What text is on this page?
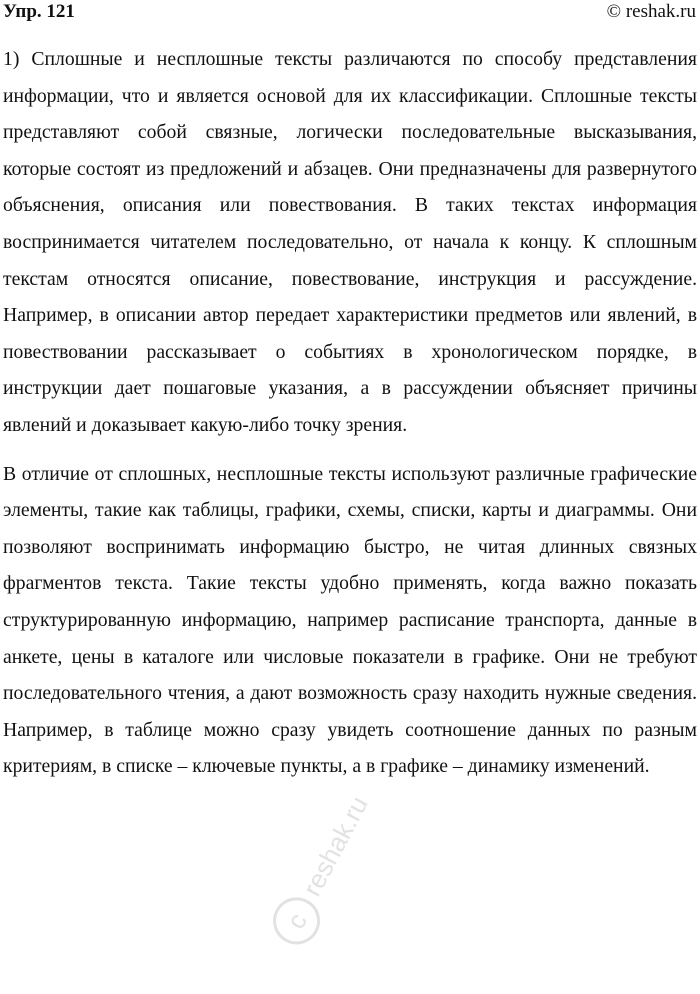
Упр. 121	© reshak.ru

1) Сплошные и несплошные тексты различаются по способу представления информации, что и является основой для их классификации. Сплошные тексты представляют собой связные, логически последовательные высказывания, которые состоят из предложений и абзацев. Они предназначены для развернутого объяснения, описания или повествования. В таких текстах информация воспринимается читателем последовательно, от начала к концу. К сплошным текстам относятся описание, повествование, инструкция и рассуждение. Например, в описании автор передает характеристики предметов или явлений, в повествовании рассказывает о событиях в хронологическом порядке, в инструкции дает пошаговые указания, а в рассуждении объясняет причины явлений и доказывает какую-либо точку зрения.

В отличие от сплошных, несплошные тексты используют различные графические элементы, такие как таблицы, графики, схемы, списки, карты и диаграммы. Они позволяют воспринимать информацию быстро, не читая длинных связных фрагментов текста. Такие тексты удобно применять, когда важно показать структурированную информацию, например расписание транспорта, данные в анкете, цены в каталоге или числовые показатели в графике. Они не требуют последовательного чтения, а дают возможность сразу находить нужные сведения. Например, в таблице можно сразу увидеть соотношение данных по разным критериям, в списке – ключевые пункты, а в графике – динамику изменений.

c
reshak.ru
